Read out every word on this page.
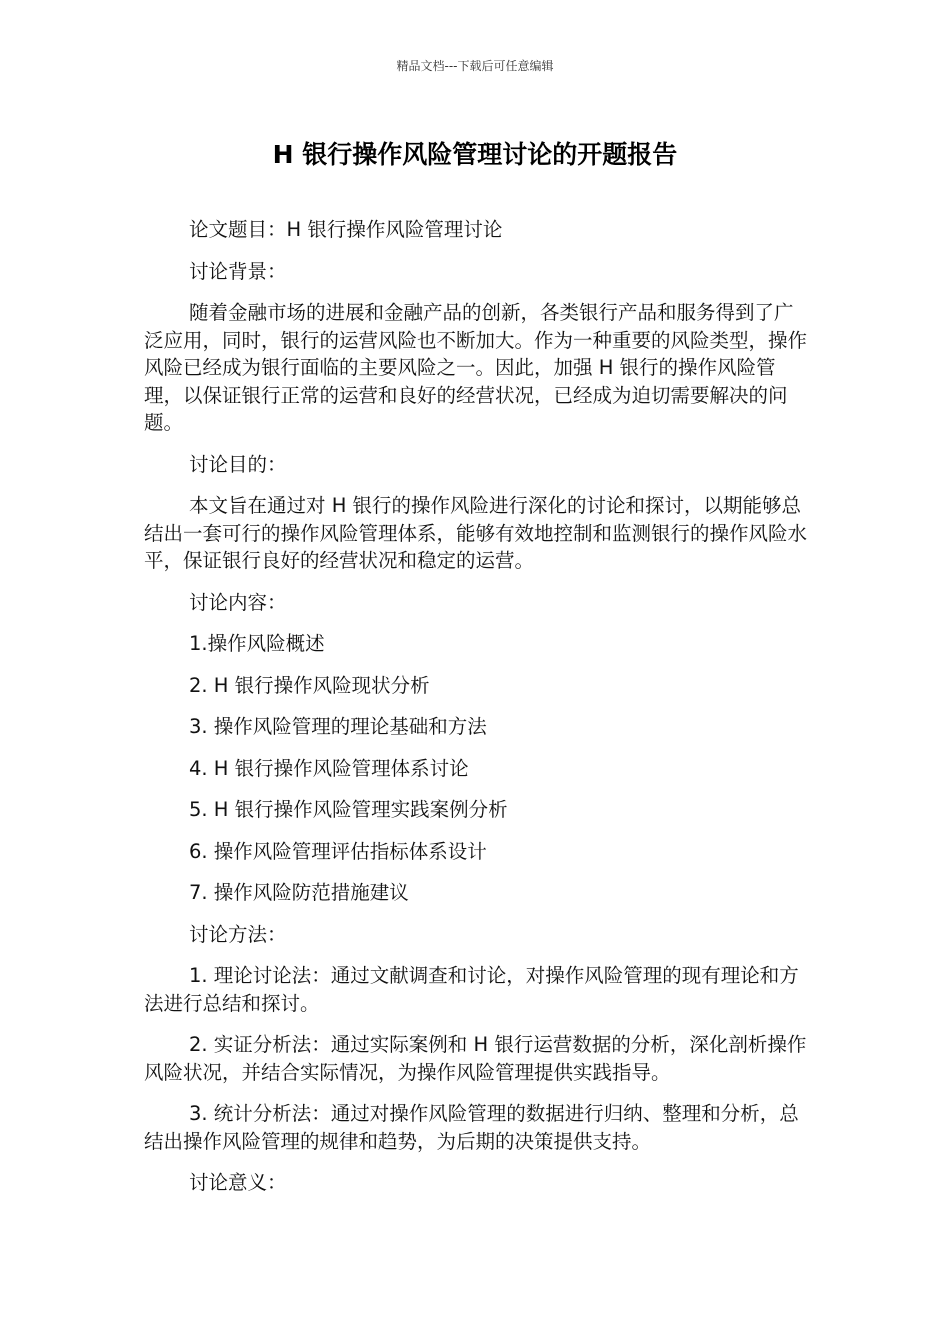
精品文档---下载后可任意编辑
H 银行操作风险管理讨论的开题报告

论文题目：H 银行操作风险管理讨论

讨论背景：

随着金融市场的进展和金融产品的创新，各类银行产品和服务得到了广泛应用，同时，银行的运营风险也不断加大。作为一种重要的风险类型，操作风险已经成为银行面临的主要风险之一。因此，加强 H 银行的操作风险管理，以保证银行正常的运营和良好的经营状况，已经成为迫切需要解决的问题。

讨论目的：

本文旨在通过对 H 银行的操作风险进行深化的讨论和探讨，以期能够总结出一套可行的操作风险管理体系，能够有效地控制和监测银行的操作风险水平，保证银行良好的经营状况和稳定的运营。

讨论内容：

1.操作风险概述

2. H 银行操作风险现状分析

3. 操作风险管理的理论基础和方法

4. H 银行操作风险管理体系讨论

5. H 银行操作风险管理实践案例分析

6. 操作风险管理评估指标体系设计

7. 操作风险防范措施建议

讨论方法：

1. 理论讨论法：通过文献调查和讨论，对操作风险管理的现有理论和方法进行总结和探讨。

2. 实证分析法：通过实际案例和 H 银行运营数据的分析，深化剖析操作风险状况，并结合实际情况，为操作风险管理提供实践指导。

3. 统计分析法：通过对操作风险管理的数据进行归纳、整理和分析，总结出操作风险管理的规律和趋势，为后期的决策提供支持。

讨论意义：
